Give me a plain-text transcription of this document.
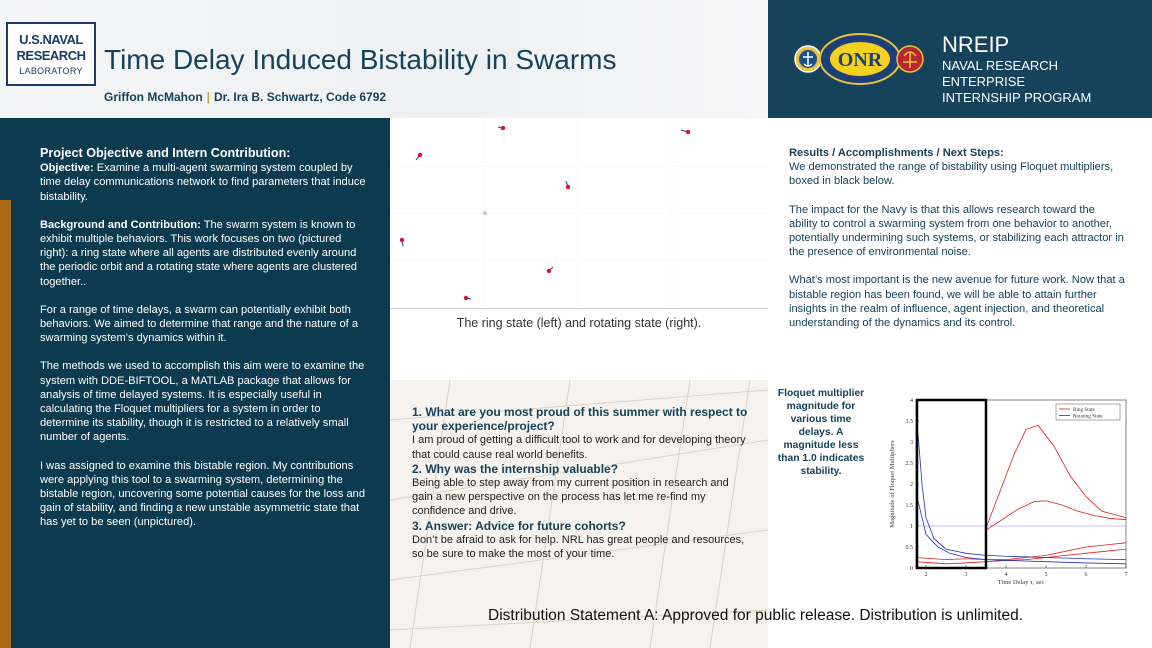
U.S.NAVAL
RESEARCH
LABORATORY Time Delay Induced Bistability in Swarms
Griffon McMahon | Dr. Ira B. Schwartz, Code 6792
ONR
NREIP
NAVAL RESEARCH
ENTERPRISE
INTERNSHIP PROGRAM

Project Objective and Intern Contribution:
Objective: Examine a multi-agent swarming system coupled by time delay communications network to find parameters that induce bistability.

Background and Contribution: The swarm system is known to exhibit multiple behaviors. This work focuses on two (pictured right): a ring state where all agents are distributed evenly around the periodic orbit and a rotating state where agents are clustered together..

For a range of time delays, a swarm can potentially exhibit both behaviors. We aimed to determine that range and the nature of a swarming system’s dynamics within it.

The methods we used to accomplish this aim were to examine the system with DDE-BIFTOOL, a MATLAB package that allows for analysis of time delayed systems. It is especially useful in calculating the Floquet multipliers for a system in order to determine its stability, though it is restricted to a relatively small number of agents.

I was assigned to examine this bistable region. My contributions were applying this tool to a swarming system, determining the bistable region, uncovering some potential causes for the loss and gain of stability, and finding a new unstable asymmetric state that has yet to be seen (unpictured).

×
The ring state (left) and rotating state (right).
1. What are you most proud of this summer with respect to your experience/project?
I am proud of getting a difficult tool to work and for developing theory that could cause real world benefits.
2. Why was the internship valuable?
Being able to step away from my current position in research and gain a new perspective on the process has let me re-find my confidence and drive.
3. Answer: Advice for future cohorts?
Don’t be afraid to ask for help. NRL has great people and resources, so be sure to make the most of your time.

Results / Accomplishments / Next Steps:
We demonstrated the range of bistability using Floquet multipliers, boxed in black below.

The impact for the Navy is that this allows research toward the ability to control a swarming system from one behavior to another, potentially undermining such systems, or stabilizing each attractor in the presence of environmental noise.

What’s most important is the new avenue for future work. Now that a bistable region has been found, we will be able to attain further insights in the realm of influence, agent injection, and theoretical understanding of the dynamics and its control.

Floquet multiplier magnitude for various time delays. A magnitude less than 1.0 indicates stability.
0
0.5
1
1.5
2
2.5
3
3.5
4
2	3	4	5	6	7
Time Delay τ, sec
Magnitude of Floquet Multipliers
Ring State
Rotating State
Distribution Statement A: Approved for public release. Distribution is unlimited.
